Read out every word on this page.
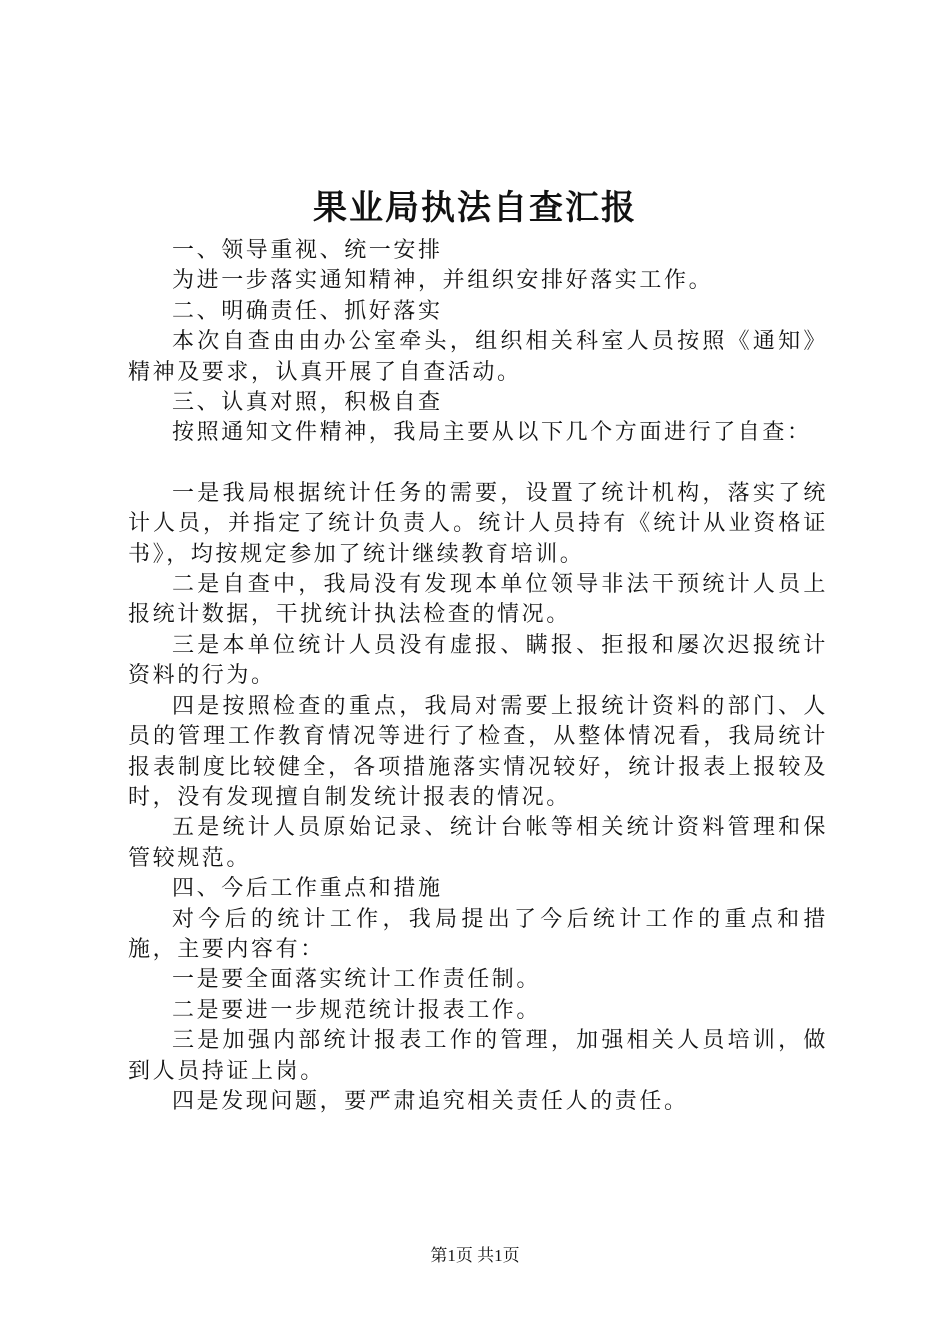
果业局执法自查汇报

一、领导重视、统一安排

为进一步落实通知精神，并组织安排好落实工作。

二、明确责任、抓好落实

本次自查由由办公室牵头，组织相关科室人员按照《通知》精神及要求，认真开展了自查活动。

三、认真对照，积极自查

按照通知文件精神，我局主要从以下几个方面进行了自查：

一是我局根据统计任务的需要，设置了统计机构，落实了统计人员，并指定了统计负责人。统计人员持有《统计从业资格证书》，均按规定参加了统计继续教育培训。

二是自查中，我局没有发现本单位领导非法干预统计人员上报统计数据，干扰统计执法检查的情况。

三是本单位统计人员没有虚报、瞒报、拒报和屡次迟报统计资料的行为。

四是按照检查的重点，我局对需要上报统计资料的部门、人员的管理工作教育情况等进行了检查，从整体情况看，我局统计报表制度比较健全，各项措施落实情况较好，统计报表上报较及时，没有发现擅自制发统计报表的情况。

五是统计人员原始记录、统计台帐等相关统计资料管理和保管较规范。

四、今后工作重点和措施

对今后的统计工作，我局提出了今后统计工作的重点和措施，主要内容有：

一是要全面落实统计工作责任制。

二是要进一步规范统计报表工作。

三是加强内部统计报表工作的管理，加强相关人员培训，做到人员持证上岗。

四是发现问题，要严肃追究相关责任人的责任。

第1页 共1页
